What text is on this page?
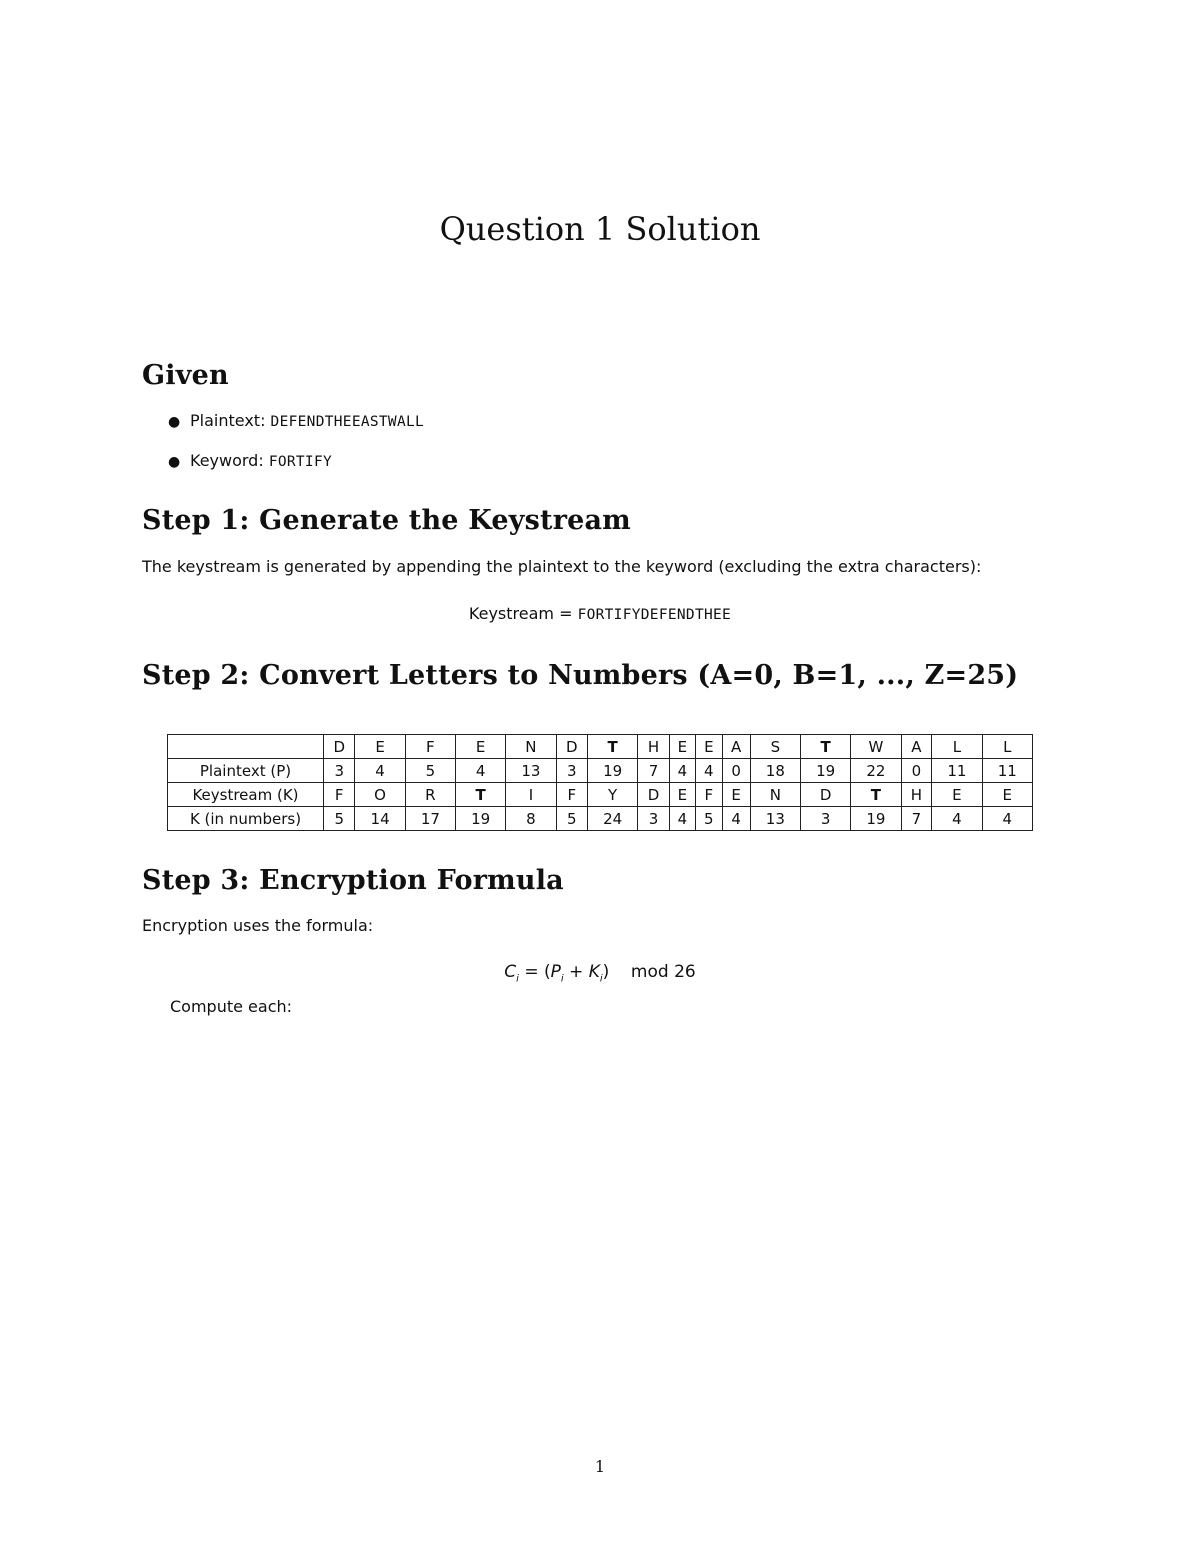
Question 1 Solution
Given
● Plaintext: DEFENDTHEEASTWALL
● Keyword: FORTIFY
Step 1: Generate the Keystream

The keystream is generated by appending the plaintext to the keyword (excluding the extra characters):

Keystream = FORTIFYDEFENDTHEE
Step 2: Convert Letters to Numbers (A=0, B=1, ..., Z=25)
	D	E	F	E	N	D	T	H	E	E	A	S	T	W	A	L	L
Plaintext (P)	3	4	5	4	13	3	19	7	4	4	0	18	19	22	0	11	11
Keystream (K)	F	O	R	T	I	F	Y	D	E	F	E	N	D	T	H	E	E
K (in numbers)	5	14	17	19	8	5	24	3	4	5	4	13	3	19	7	4	4
Step 3: Encryption Formula

Encryption uses the formula:

$C_i = (P_i + K_i)$ mod 26

Compute each:

1
